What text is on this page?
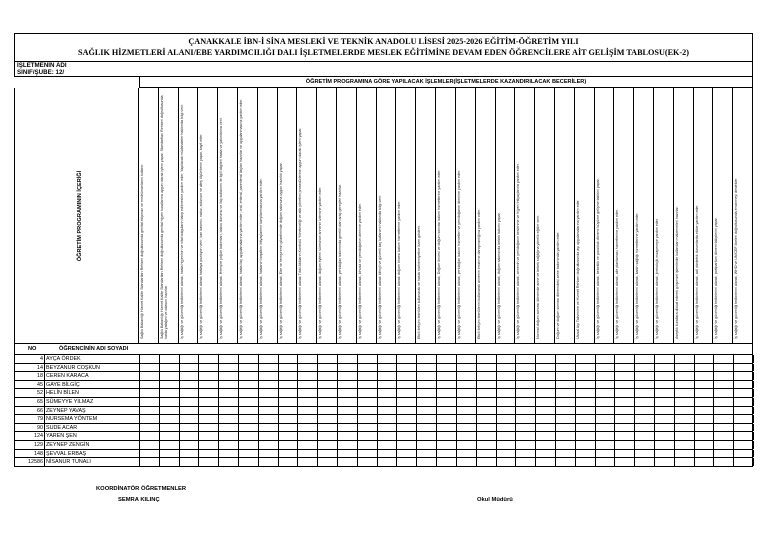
ÇANAKKALE İBN-İ SİNA MESLEKİ VE TEKNİK ANADOLU LİSESİ 2025-2026 EĞİTİM-ÖĞRETİM YILI
SAĞLIK HİZMETLERİ ALANI/EBE YARDIMCILIĞI DALI İŞLETMELERDE MESLEK EĞİTİMİNE DEVAM EDEN ÖĞRENCİLERE AİT GELİŞİM TABLOSU(EK-2)
İŞLETMENİN ADI
SINIF/ŞUBE: 12/
ÖĞRETİM PROGRAMINA GÖRE YAPILACAK İŞLEMLER(İŞLETMELERDE KAZANDIRILACAK BECERİLER)
ÖĞRETİM PROGRAMININ İÇERİĞİ	Sağlık Bakanlığı Hizmet Kalite Standartları Rehberi doğrultusunda genital ekipman ve enstrümanlarını kullanır.	Sağlık Bakanlığı Hizmet Kalite Standartları Rehberi doğrultusunda genital hijyen kurallarına uygun olarak işlem yapar. Standartları Rehberi doğrultusunda hasta yatağını ve odasını hazırlar.	İş sağlığı ve güvenliği tedbirlerini alarak, hasta hijyeninin ve vital bulguların takip edilmesine yardım eder. Yapılacak müdahaleler hakkında bilgi verir.	İş sağlığı ve güvenliği tedbirlerini alarak hastaya pozisyon verir; kan basıncı, nabız, solunum ve ateş ölçümlerini yapar, kayıt eder.	İş sağlığı ve güvenliği tedbirlerini alarak, Hemşire yoğun bakımları, bakıcı durumu ve ilaç kullanımı ile ilgili bilgileri hasta ve yakınlarına verir.	İş sağlığı ve güvenliği tedbirlerini alarak, hasta ilaç uygulamalarına yardım eder; oral, enteral, parenteral ilaçları hazırlar ve uygulanmasına yardım eder.	İş sağlığı ve güvenliği tedbirlerini alarak, hastanın boşaltım ihtiyaçlarının karşılanmasına yardım eder.	İş sağlığı ve güvenliği tedbirlerini alarak, Ebe ve hemşirenin gözetiminde doğum salonuna uygun hazırlık yapar.	İş sağlığı ve güvenliği tedbirlerini alarak Tıbbi Atıkların Kontrolü Yönetmeliği ve atık yönetimi prosedürlerine uygun olarak işlem yapar.	İş sağlığı ve güvenliği tedbirlerini alarak, doğum eylemi süresince annenin izlemine yardım eder.	İş sağlığı ve güvenliği tedbirlerini alarak, yenidoğan bakımında gerekli olan araç gereçleri hazırlar.	İş sağlığı ve güvenliği tedbirlerini alarak, lohusa ve yenidoğanın izlemine yardım eder.	İş sağlığı ve güvenliği tedbirlerini alarak bilinçli ve güvenli ilaç kullanımı hakkında bilgi verir.	İş sağlığı ve güvenliği tedbirlerini alarak doğum öncesi bakım hizmetlerine yardım eder.	Etkili iletişim teknikleri kullanarak ve hasta mahremiyetine özen gösterir.	İş sağlığı ve güvenliği tedbirlerini alarak, Doğum öncesi ve doğum sonrası bakım hizmetlerine yardım eder.	İş sağlığı ve güvenliği tedbirlerini alarak, yenidoğan bakım hizmetleri ve yenidoğanın izlemine yardım eder.	Etkili iletişim tekniklerini kullanarak annenin emzirme danışmanlığına yardım eder.	İş sağlığı ve güvenliği tedbirlerini alarak, doğum salonunda bebek bakımı yapar.	İş sağlığı ve güvenliği tedbirlerini alarak, annenin ve yenidoğanın beslenme ve hijyen ihtiyaçlarına yardım eder.	Normal doğum sonrası dönemde anne ve bebek sağlığına yönelik eğitim verir.	Doğum ve doğum sonrası dönemdeki anne bakımında yardım eder.	Ulusal Aşı Takvimine ve Hizmet Rehberi doğrultusunda aşı uygulamalarına yardım eder.	İş sağlığı ve güvenliği tedbirlerini alarak, bebeklik ve çocukluk dönemi büyüme gelişme takibini yapar.	İş sağlığı ve güvenliği tedbirlerini alarak, aile planlaması hizmetlerine yardım eder.	İş sağlığı ve güvenliği tedbirlerini alarak, kadın sağlığı hizmetlerine yardım eder.	İş sağlığı ve güvenliği tedbirlerini alarak, jinekolojik muayeneye yardım eder.	Aseptik kurallara dikkat ederek girişimsel işlemlerde kullanılan malzemeleri hazırlar.	İş sağlığı ve güvenliği tedbirlerini alarak, acil obstetrik durumlarda ekibe yardım eder.	İş sağlığı ve güvenliği tedbirlerini alarak, postpartum dönem takiplerini yapar.	İş sağlığı ve güvenliği tedbirlerini alarak, WHO ve UNICEF ilkeleri doğrultusunda emzirmeyi destekler.
NO	ÖĞRENCİNİN ADI SOYADI
4 AYÇA ÖRDEK
14 BEYZANUR COŞKUN
18 CEREN KARACA
45 GAYE BİLGİÇ
52 HELİN BİLEN
65 SÜMEYYE YILMAZ
66 ZEYNEP YAVAŞ
79 NURSEMA YÖNTEM
90 SUDE ACAR
124 YAREN ŞEN
129 ZEYNEP ZENGİN
148 ŞEVVAL ERBAŞ
12586 NİSANUR TUNALI
KOORDİNATÖR ÖĞRETMENLER
SEMRA KILINÇ	Okul Müdürü
